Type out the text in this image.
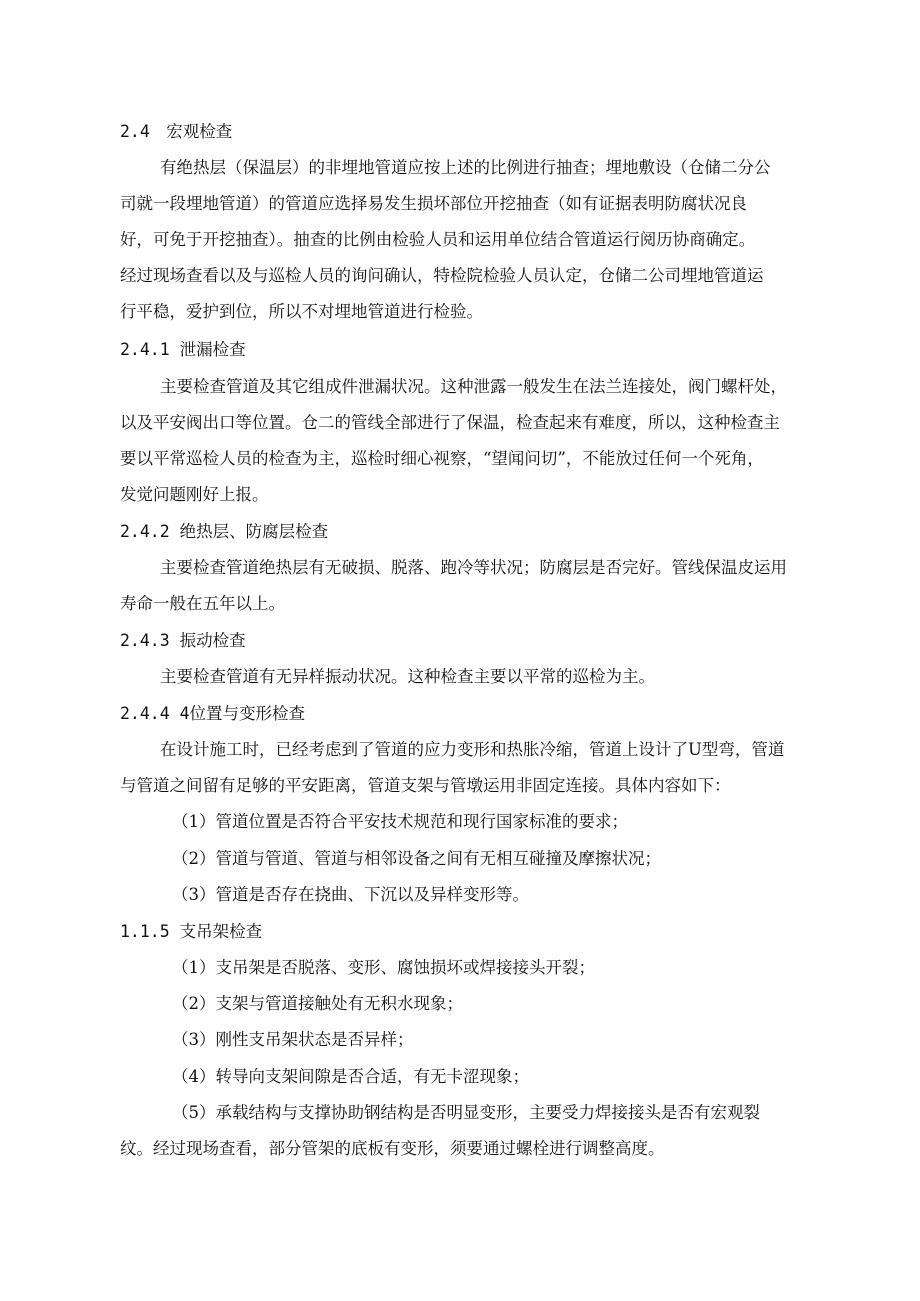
2.4　宏观检查
有绝热层（保温层）的非埋地管道应按上述的比例进行抽查；埋地敷设（仓储二分公
司就一段埋地管道）的管道应选择易发生损坏部位开挖抽查（如有证据表明防腐状况良
好，可免于开挖抽查）。抽查的比例由检验人员和运用单位结合管道运行阅历协商确定。
经过现场查看以及与巡检人员的询问确认，特检院检验人员认定，仓储二公司埋地管道运
行平稳，爱护到位，所以不对埋地管道进行检验。
2.4.1 泄漏检查
主要检查管道及其它组成件泄漏状况。这种泄露一般发生在法兰连接处，阀门螺杆处，
以及平安阀出口等位置。仓二的管线全部进行了保温，检查起来有难度，所以，这种检查主
要以平常巡检人员的检查为主，巡检时细心视察，“望闻问切”，不能放过任何一个死角，
发觉问题刚好上报。
2.4.2 绝热层、防腐层检查
主要检查管道绝热层有无破损、脱落、跑冷等状况；防腐层是否完好。管线保温皮运用
寿命一般在五年以上。
2.4.3 振动检查
主要检查管道有无异样振动状况。这种检查主要以平常的巡检为主。
2.4.4 4位置与变形检查
在设计施工时，已经考虑到了管道的应力变形和热胀冷缩，管道上设计了U型弯，管道
与管道之间留有足够的平安距离，管道支架与管墩运用非固定连接。具体内容如下：
（1）管道位置是否符合平安技术规范和现行国家标准的要求；
（2）管道与管道、管道与相邻设备之间有无相互碰撞及摩擦状况；
（3）管道是否存在挠曲、下沉以及异样变形等。
1.1.5 支吊架检查
（1）支吊架是否脱落、变形、腐蚀损坏或焊接接头开裂；
（2）支架与管道接触处有无积水现象；
（3）刚性支吊架状态是否异样；
（4）转导向支架间隙是否合适，有无卡涩现象；
（5）承载结构与支撑协助钢结构是否明显变形，主要受力焊接接头是否有宏观裂
纹。经过现场查看，部分管架的底板有变形，须要通过螺栓进行调整高度。
